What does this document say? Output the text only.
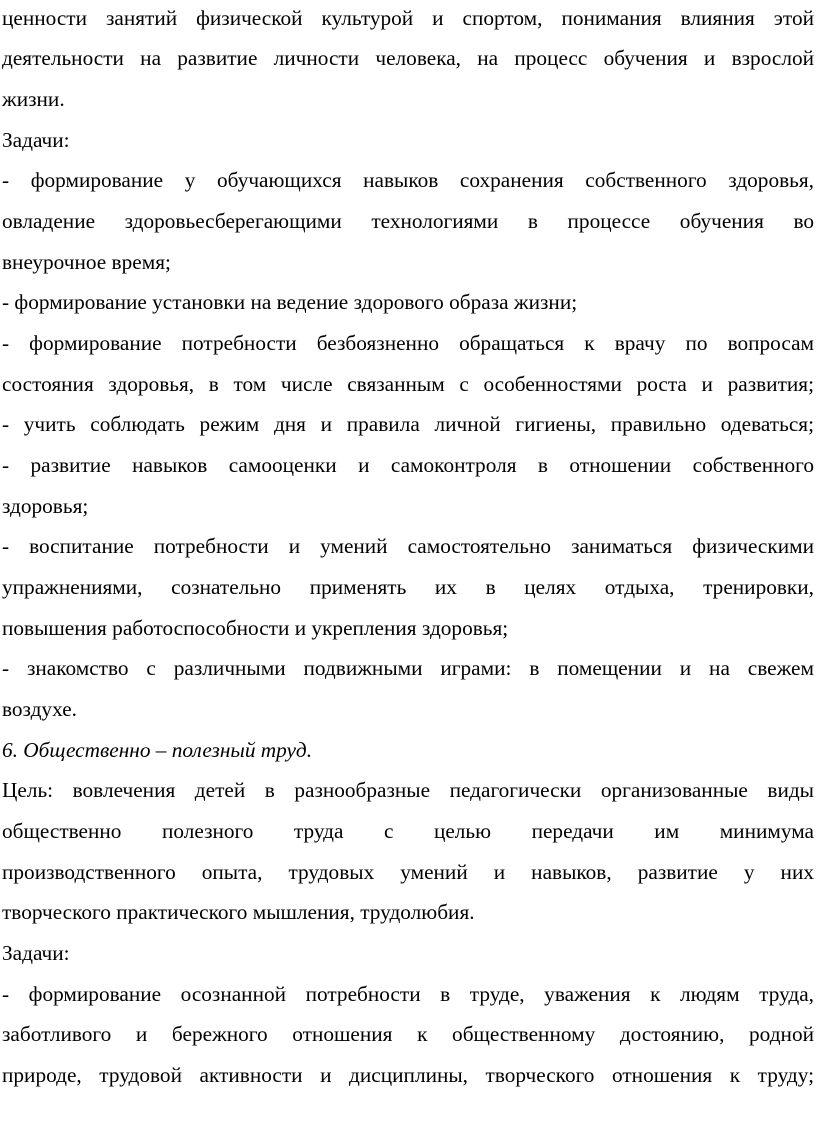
ценности занятий физической культурой и спортом, понимания влияния этой
деятельности на развитие личности человека, на процесс обучения и взрослой
жизни.
Задачи:
- формирование у обучающихся навыков сохранения собственного здоровья,
овладение здоровьесберегающими технологиями в процессе обучения во
внеурочное время;
- формирование установки на ведение здорового образа жизни;
- формирование потребности безбоязненно обращаться к врачу по вопросам
состояния здоровья, в том числе связанным с особенностями роста и развития;
- учить соблюдать режим дня и правила личной гигиены, правильно одеваться;
- развитие навыков самооценки и самоконтроля в отношении собственного
здоровья;
- воспитание потребности и умений самостоятельно заниматься физическими
упражнениями, сознательно применять их в целях отдыха, тренировки,
повышения работоспособности и укрепления здоровья;
- знакомство с различными подвижными играми: в помещении и на свежем
воздухе.
6. Общественно – полезный труд.
Цель: вовлечения детей в разнообразные педагогически организованные виды
общественно полезного труда с целью передачи им минимума
производственного опыта, трудовых умений и навыков, развитие у них
творческого практического мышления, трудолюбия.
Задачи:
- формирование осознанной потребности в труде, уважения к людям труда,
заботливого и бережного отношения к общественному достоянию, родной
природе, трудовой активности и дисциплины, творческого отношения к труду;
